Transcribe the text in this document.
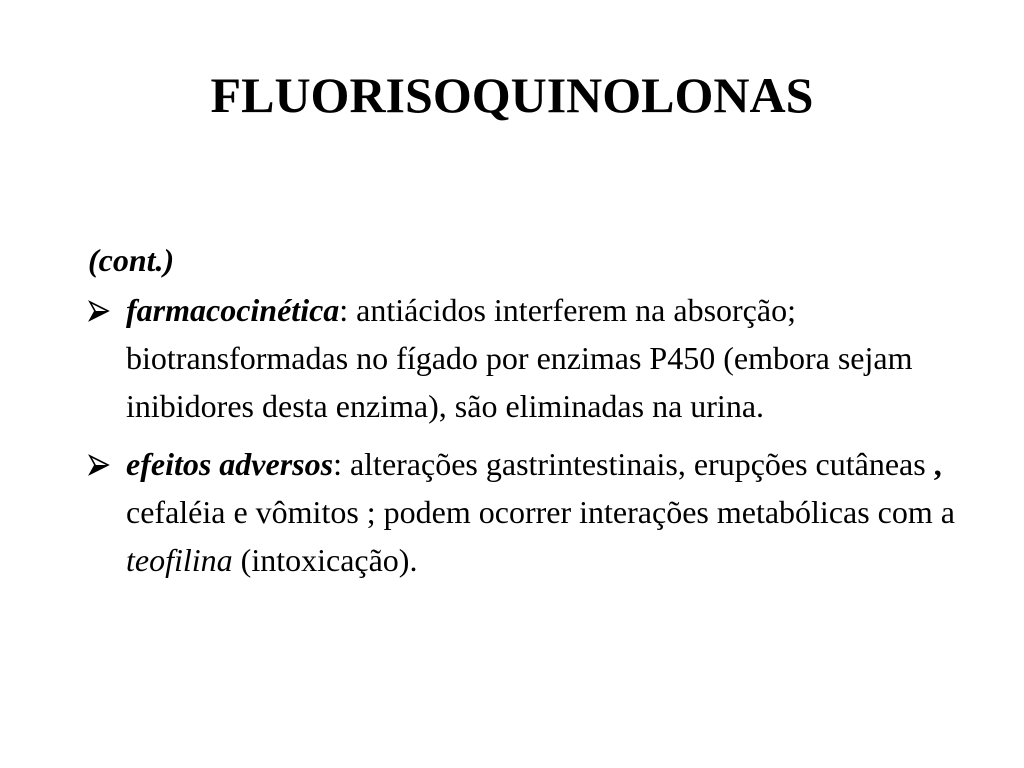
FLUORISOQUINOLONAS
(cont.)
farmacocinética: antiácidos interferem na absorção; biotransformadas no fígado por enzimas P450 (embora sejam inibidores desta enzima), são eliminadas na urina.
efeitos adversos: alterações gastrintestinais, erupções cutâneas , cefaléia e vômitos ; podem ocorrer interações metabólicas com a teofilina (intoxicação).
